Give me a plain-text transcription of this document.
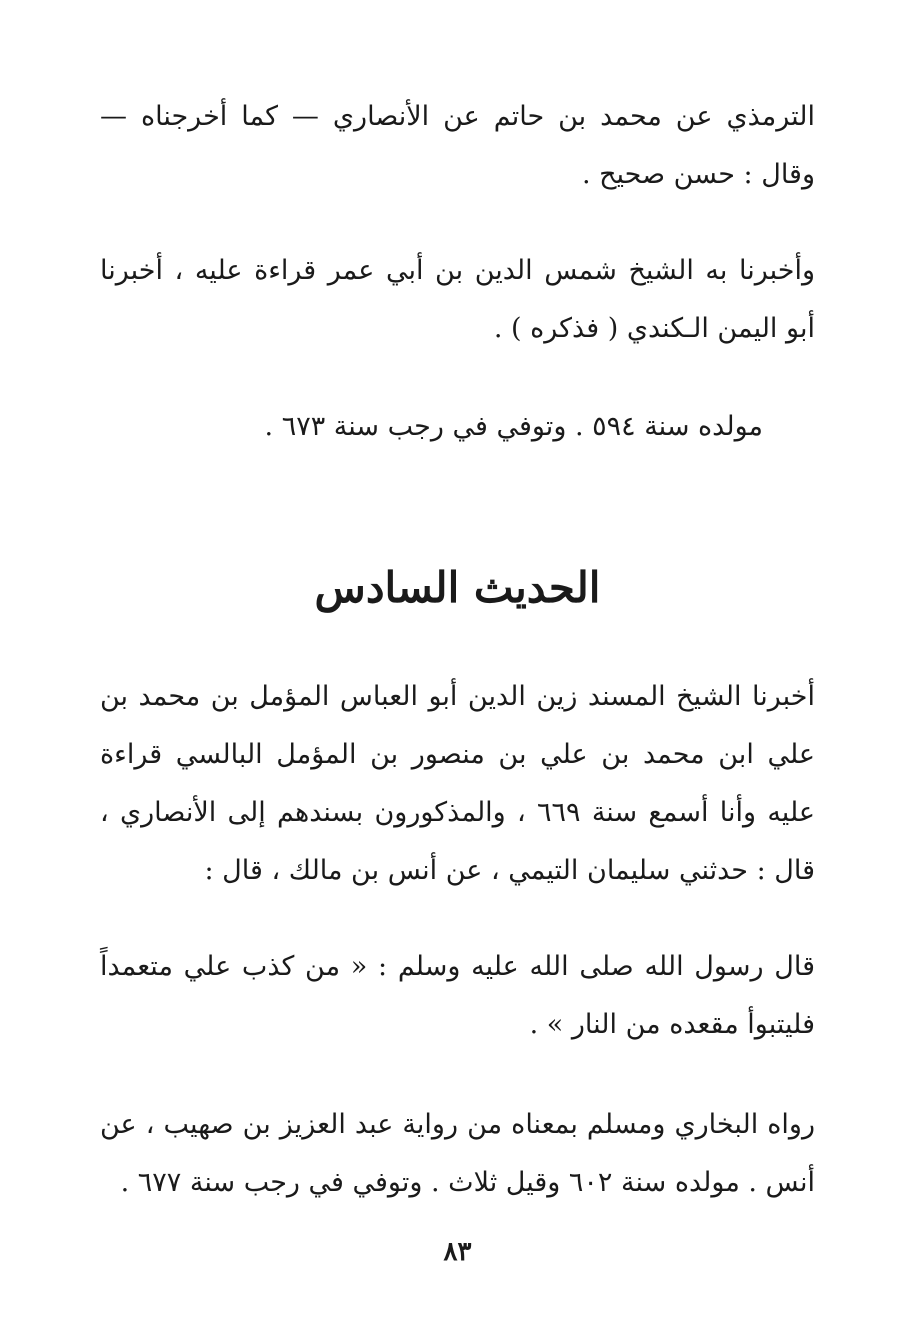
الترمذي عن محمد بن حاتم عن الأنصاري — كما أخرجناه — وقال : حسن صحيح .

وأخبرنا به الشيخ شمس الدين بن أبي عمر قراءة عليه ، أخبرنا أبو اليمن الـكندي ( فذكره ) .

مولده سنة ٥٩٤ . وتوفي في رجب سنة ٦٧٣ .

الحديث السادس

أخبرنا الشيخ المسند زين الدين أبو العباس المؤمل بن محمد بن علي ابن محمد بن علي بن منصور بن المؤمل البالسي قراءة عليه وأنا أسمع سنة ٦٦٩ ، والمذكورون بسندهم إلى الأنصاري ، قال : حدثني سليمان التيمي ، عن أنس بن مالك ، قال :

قال رسول الله صلى الله عليه وسلم : « من كذب علي متعمداً فليتبوأ مقعده من النار » .

رواه البخاري ومسلم بمعناه من رواية عبد العزيز بن صهيب ، عن أنس . مولده سنة ٦٠٢ وقيل ثلاث . وتوفي في رجب سنة ٦٧٧ .

٨٣
